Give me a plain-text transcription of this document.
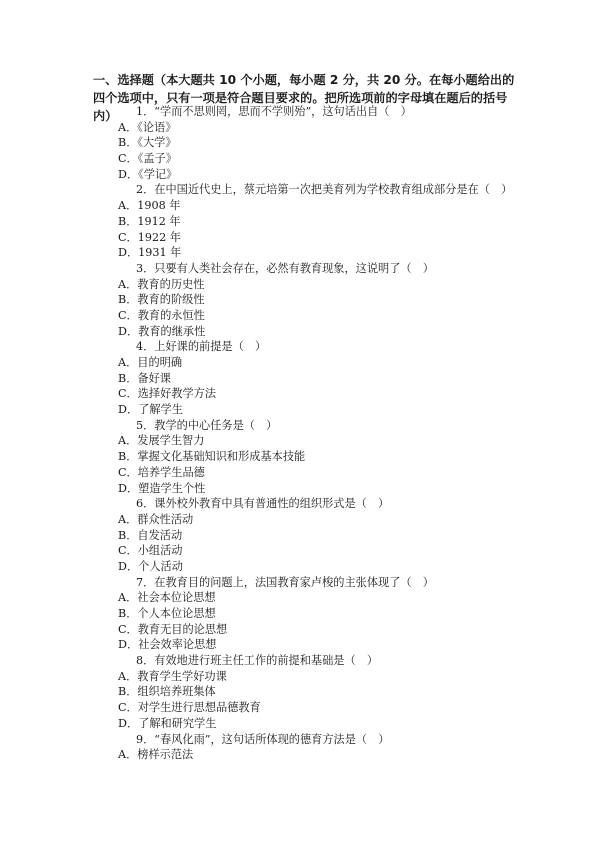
一、选择题（本大题共 10 个小题，每小题 2 分，共 20 分。在每小题给出的四个选项中，只有一项是符合题目要求的。把所选项前的字母填在题后的括号内）	1．“学而不思则罔，思而不学则殆”，这句话出自（　）
A．《论语》
B．《大学》
C．《孟子》
D．《学记》
2．在中国近代史上，蔡元培第一次把美育列为学校教育组成部分是在（　）
A．1908 年
B．1912 年
C．1922 年
D．1931 年
3．只要有人类社会存在，必然有教育现象，这说明了（　）
A．教育的历史性
B．教育的阶级性
C．教育的永恒性
D．教育的继承性
4．上好课的前提是（　）
A．目的明确
B．备好课
C．选择好教学方法
D．了解学生
5．教学的中心任务是（　）
A．发展学生智力
B．掌握文化基础知识和形成基本技能
C．培养学生品德
D．塑造学生个性
6．课外校外教育中具有普通性的组织形式是（　）
A．群众性活动
B．自发活动
C．小组活动
D．个人活动
7．在教育目的问题上，法国教育家卢梭的主张体现了（　）
A．社会本位论思想
B．个人本位论思想
C．教育无目的论思想
D．社会效率论思想
8．有效地进行班主任工作的前提和基础是（　）
A．教育学生学好功课
B．组织培养班集体
C．对学生进行思想品德教育
D．了解和研究学生
9．“春风化雨”，这句话所体现的德育方法是（　）
A．榜样示范法
